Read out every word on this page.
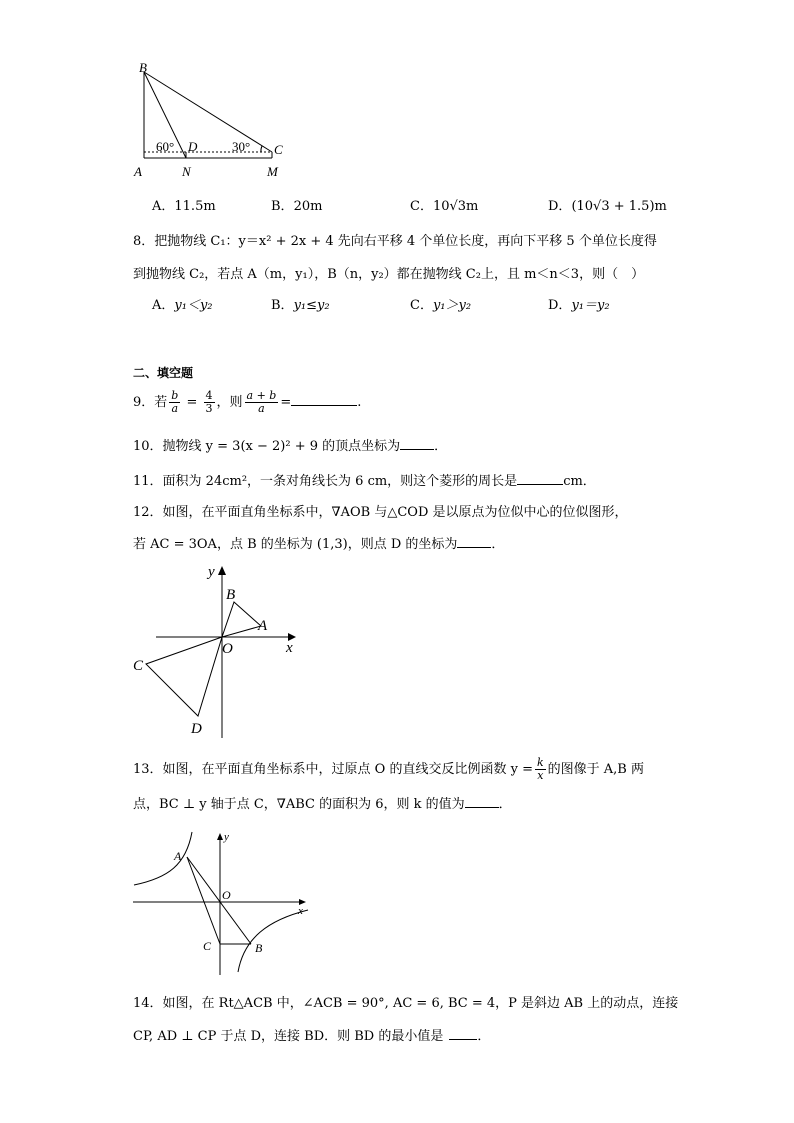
B
60° D	30° C
A	N	M
A．11.5m	B．20m	C．10√3m	D．(10√3 + 1.5)m
8．把抛物线 C₁：y＝x² + 2x + 4 先向右平移 4 个单位长度，再向下平移 5 个单位长度得
到抛物线 C₂，若点 A（m，y₁），B（n，y₂）都在抛物线 C₂上，且 m＜n＜3，则（　）
A．y₁＜y₂	B．y₁≤y₂	C．y₁＞y₂	D．y₁＝y₂
二、填空题
9．若 $\frac{b}{a} = \frac{4}{3}$ ，则 $\frac{a + b}{a}$ =	.
10．抛物线 y = 3(x − 2)² + 9 的顶点坐标为	．
11．面积为 24cm²，一条对角线长为 6 cm，则这个菱形的周长是	cm．
12．如图，在平面直角坐标系中，∇AOB 与△COD 是以原点为位似中心的位似图形，
若 AC = 3OA，点 B 的坐标为 (1,3)，则点 D 的坐标为	．
y
B
A
O	x
C
D
13．如图，在平面直角坐标系中，过原点 O 的直线交反比例函数 $y = \frac{k}{x}$ 的图像于 A,B 两
点，BC ⊥ y 轴于点 C，∇ABC 的面积为 6，则 k 的值为	．
y
A
O
x
C	B
14．如图，在 Rt△ACB 中，∠ACB = 90°, AC = 6, BC = 4，P 是斜边 AB 上的动点，连接
CP, AD ⊥ CP 于点 D，连接 BD．则 BD 的最小值是	．
